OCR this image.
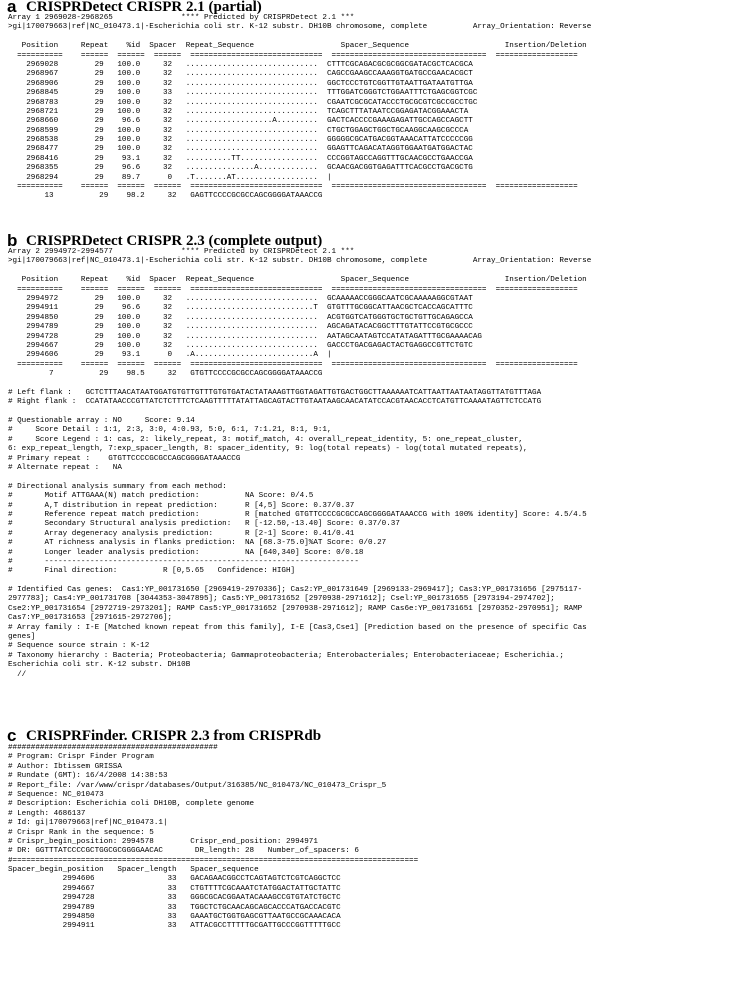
a CRISPRDetect CRISPR 2.1 (partial)
Array 1 2969028-2968265               **** Predicted by CRISPRDetect 2.1 ***
>gi|170079663|ref|NC_010473.1|-Escherichia coli str. K-12 substr. DH10B chromosome, complete          Array_Orientation: Reverse
Position     Repeat    %id  Spacer  Repeat_Sequence                   Spacer_Sequence                     Insertion/Deletion
==========    ======  ======  ======  =============================  ==================================  ==================
2969028        29   100.0     32   .............................  CTTTCGCAGACGCGCGGCGATACGCTCACGCA
2968967        29   100.0     32   .............................  CAGCCGAAGCCAAAGGTGATGCCGAACACGCT
2968906        29   100.0     32   .............................  GGCTCCCTGTCGGTTGTAATTGATAATGTTGA
2968845        29   100.0     33   .............................  TTTGGATCGGGTCTGGAATTTCTGAGCGGTCGC
2968783        29   100.0     32   .............................  CGAATCGCGCATACCCTGCGCGTCGCCGCCTGC
2968721        29   100.0     32   .............................  TCAGCTTTATAATCCGGAGATACGGAAACTA
2968660        29    96.6     32   ...................A.........  GACTCACCCCGAAAGAGATTGCCAGCCAGCTT
2968599        29   100.0     32   .............................  CTGCTGGAGCTGGCTGCAAGGCAAGCGCCCA
2968538        29   100.0     32   .............................  GGGGGCGCATGACGGTAAACATTATCCCCCGG
2968477        29   100.0     32   .............................  GGAGTTCAGACATAGGTGGAATGATGGACTAC
2968416        29    93.1     32   ..........TT.................  CCCGGTAGCCAGGTTTGCAACGCCTGAACCGA
2968355        29    96.6     32   ...............A.............  GCAACGACGGTGAGATTTCACGCCTGACGCTG
2968294        29    89.7      0   .T.......AT..................  |
==========    ======  ======  ======  =============================  ==================================  ==================
13          29    98.2     32   GAGTTCCCCGCGCCAGCGGGGATAAACCG
b CRISPRDetect CRISPR 2.3 (complete output)
Array 2 2994972-2994577               **** Predicted by CRISPRDetect 2.1 ***
>gi|170079663|ref|NC_010473.1|-Escherichia coli str. K-12 substr. DH10B chromosome, complete          Array_Orientation: Reverse
Position     Repeat    %id  Spacer  Repeat_Sequence                   Spacer_Sequence                     Insertion/Deletion
==========    ======  ======  ======  =============================  ==================================  ==================
2994972        29   100.0     32   .............................  GCAAAAACCGGGCAATCGCAAAAAGGCGTAAT
2994911        29    96.6     32   ............................T  GTGTTTGCGGCATTAACGCTCACCAGCATTTC
2994850        29   100.0     32   .............................  ACGTGGTCATGGGTGCTGCTGTTGCAGAGCCA
2994789        29   100.0     32   .............................  AGCAGATACACGGCTTTGTATTCCGTGCGCCC
2994728        29   100.0     32   .............................  AATAGCAATAGTCCATATAGATTTGCGAAAACAG
2994667        29   100.0     32   .............................  GACCCTGACGAGACTACTGAGGCCGTTCTGTC
2994606        29    93.1      0   .A..........................A  |
==========    ======  ======  ======  =============================  ==================================  ==================
7          29    98.5     32   GTGTTCCCCGCGCCAGCGGGGATAAACCG
# Left flank :   GCTCTTTAACATAATGGATGTGTTGTTTGTGTGATACTATAAAGTTGGTAGATTGTGACTGGCTTAAAAAATCATTAATTAATAATAGGTTATGTTTAGA
# Right flank :  CCATATAACCCGTTATCTCTTTCTCAAGTTTTTATATTAGCAGTACTTGTAATAAGCAACATATCCACGTAACACCTCATGTTCAAAATAGTTCTCCATG
# Questionable array : NO     Score: 9.14
#     Score Detail : 1:1, 2:3, 3:0, 4:0.93, 5:0, 6:1, 7:1.21, 8:1, 9:1,
#     Score Legend : 1: cas, 2: likely_repeat, 3: motif_match, 4: overall_repeat_identity, 5: one_repeat_cluster,
6: exp_repeat_length, 7:exp_spacer_length, 8: spacer_identity, 9: log(total repeats) - log(total mutated repeats),
# Primary repeat :    GTGTTCCCCGCGCCAGCGGGGATAAACCG
# Alternate repeat :   NA
# Directional analysis summary from each method:
#       Motif ATTGAAA(N) match prediction:          NA Score: 0/4.5
#       A,T distribution in repeat prediction:      R [4,5] Score: 0.37/0.37
#       Reference repeat match prediction:          R [matched GTGTTCCCCGCGCCAGCGGGGATAAACCG with 100% identity] Score: 4.5/4.5
#       Secondary Structural analysis prediction:   R [-12.50,-13.40] Score: 0.37/0.37
#       Array degeneracy analysis prediction:       R [2-1] Score: 0.41/0.41
#       AT richness analysis in flanks prediction:  NA [68.3-75.0]%AT Score: 0/0.27
#       Longer leader analysis prediction:          NA [640,340] Score: 0/0.18
#       ---------------------------------------------------------------------
#       Final direction:          R [0,5.65   Confidence: HIGH]
# Identified Cas genes:  Cas1:YP_001731650 [2969419-2970336]; Cas2:YP_001731649 [2969133-2969417]; Cas3:YP_001731656 [2975117-
2977783]; Cas4:YP_001731708 [3044353-3047895]; Cas5:YP_001731652 [2970938-2971612]; Csel:YP_001731655 [2973194-2974702];
Cse2:YP_001731654 [2972719-2973201]; RAMP Cas5:YP_001731652 [2970938-2971612]; RAMP Cas6e:YP_001731651 [2970352-2970951]; RAMP
Cas7:YP_001731653 [2971615-2972706];
# Array family : I-E [Matched known repeat from this family], I-E [Cas3,Cse1] [Prediction based on the presence of specific Cas
genes]
# Sequence source strain : K-12
# Taxonomy hierarchy : Bacteria; Proteobacteria; Gammaproteobacteria; Enterobacteriales; Enterobacteriaceae; Escherichia.;
Escherichia coli str. K-12 substr. DH10B
//
c CRISPRFinder. CRISPR 2.3 from CRISPRdb
##############################################
# Program: Crispr Finder Program
# Author: Ibtissem GRISSA
# Rundate (GMT): 16/4/2008 14:38:53
# Report_file: /var/www/crispr/databases/Output/316385/NC_010473/NC_010473_Crispr_5
# Sequence: NC_010473
# Description: Escherichia coli DH10B, complete genome
# Length: 4686137
# Id: gi|170079663|ref|NC_010473.1|
# Crispr Rank in the sequence: 5
# Crispr_begin_position: 2994578        Crispr_end_position: 2994971
# DR: GGTTTATCCCCGCTGGCGCGGGGAACAC       DR_length: 28   Number_of_spacers: 6
#=========================================================================================
Spacer_begin_position   Spacer_length   Spacer_sequence
2994606                33   GACAGAACGGCCTCAGTAGTCTCGTCAGGCTCC
2994667                33   CTGTTTTCGCAAATCTATGGACTATTGCTATTC
2994728                33   GGGCGCACGGAATACAAAGCCGTGTATCTGCTC
2994789                33   TGGCTCTGCAACAGCAGCACCCATGACCACGTC
2994850                33   GAAATGCTGGTGAGCGTTAATGCCGCAAACACA
2994911                33   ATTACGCCTTTTTGCGATTGCCCGGTTTTTGCC
